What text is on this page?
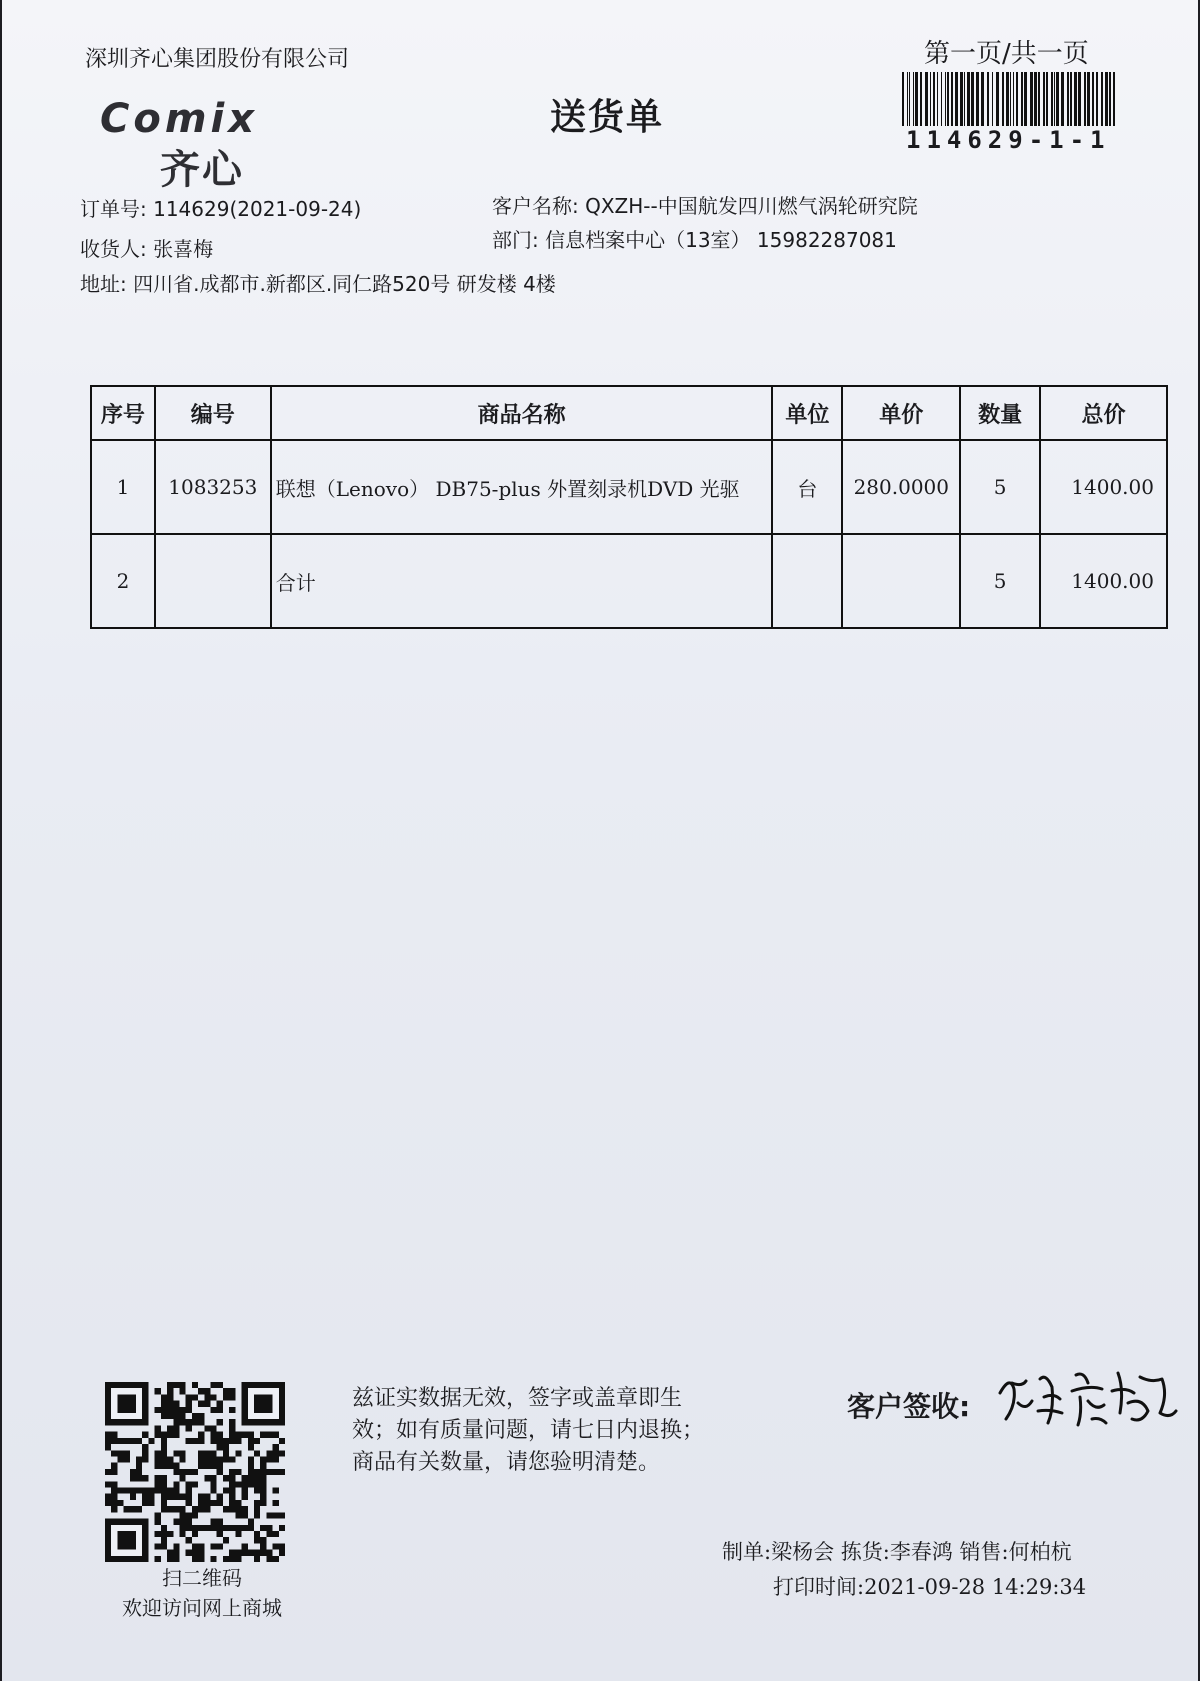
深圳齐心集团股份有限公司	第一页/共一页
Comix
齐心
送货单
114629-1-1
订单号: 114629(2021-09-24)
收货人: 张喜梅
地址: 四川省.成都市.新都区.同仁路520号 研发楼 4楼
客户名称: QXZH--中国航发四川燃气涡轮研究院
部门: 信息档案中心（13室） 15982287081
序号	编号	商品名称	单位	单价	数量	总价
1	1083253	联想（Lenovo） DB75-plus 外置刻录机DVD 光驱	台	280.0000	5	1400.00
2		合计			5	1400.00
扫二维码
欢迎访问网上商城
兹证实数据无效，签字或盖章即生
效；如有质量问题，请七日内退换；
商品有关数量，请您验明清楚。
客户签收:
制单:梁杨会 拣货:李春鸿 销售:何柏杭
打印时间:2021-09-28 14:29:34
